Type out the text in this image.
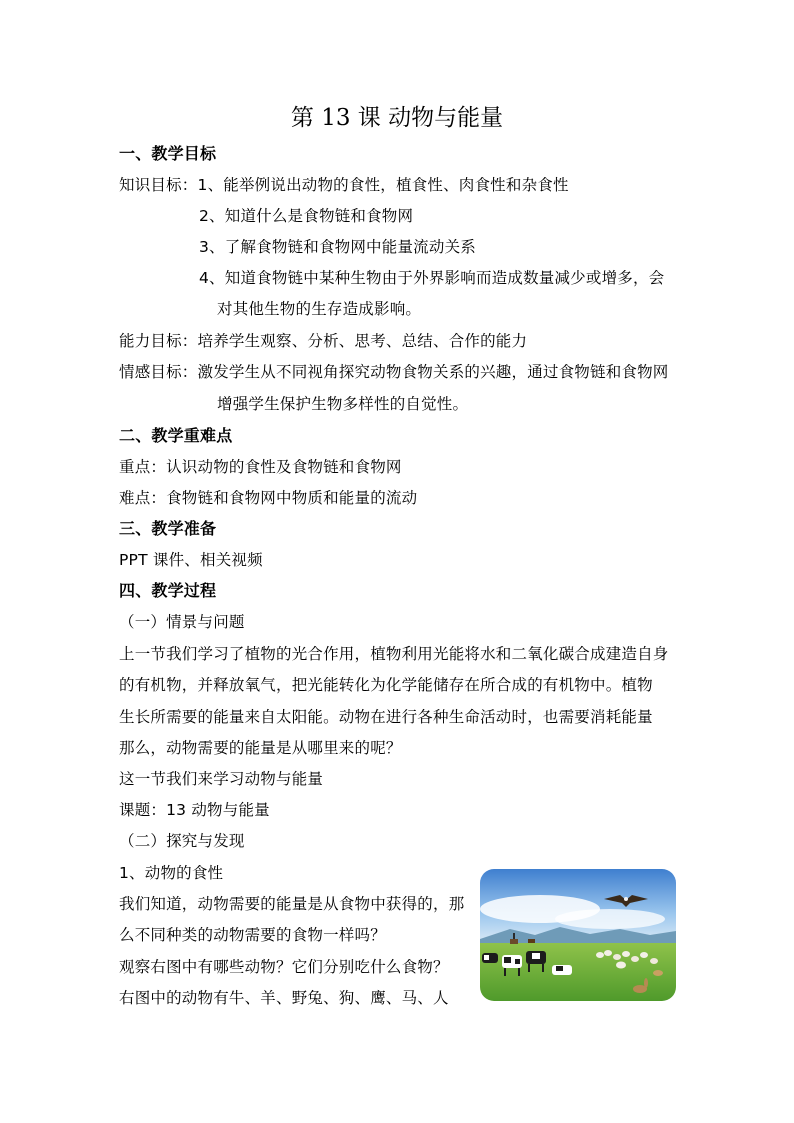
第 13 课 动物与能量
一、教学目标
知识目标：1、能举例说出动物的食性，植食性、肉食性和杂食性
2、知道什么是食物链和食物网
3、了解食物链和食物网中能量流动关系
4、知道食物链中某种生物由于外界影响而造成数量减少或增多，会
对其他生物的生存造成影响。
能力目标：培养学生观察、分析、思考、总结、合作的能力
情感目标：激发学生从不同视角探究动物食物关系的兴趣，通过食物链和食物网
增强学生保护生物多样性的自觉性。
二、教学重难点
重点：认识动物的食性及食物链和食物网
难点：食物链和食物网中物质和能量的流动
三、教学准备
PPT 课件、相关视频
四、教学过程
（一）情景与问题
上一节我们学习了植物的光合作用，植物利用光能将水和二氧化碳合成建造自身
的有机物，并释放氧气，把光能转化为化学能储存在所合成的有机物中。植物
生长所需要的能量来自太阳能。动物在进行各种生命活动时，也需要消耗能量
那么，动物需要的能量是从哪里来的呢？
这一节我们来学习动物与能量
课题：13 动物与能量
（二）探究与发现
1、动物的食性
我们知道，动物需要的能量是从食物中获得的，那
么不同种类的动物需要的食物一样吗？
观察右图中有哪些动物？它们分别吃什么食物？
右图中的动物有牛、羊、野兔、狗、鹰、马、人
